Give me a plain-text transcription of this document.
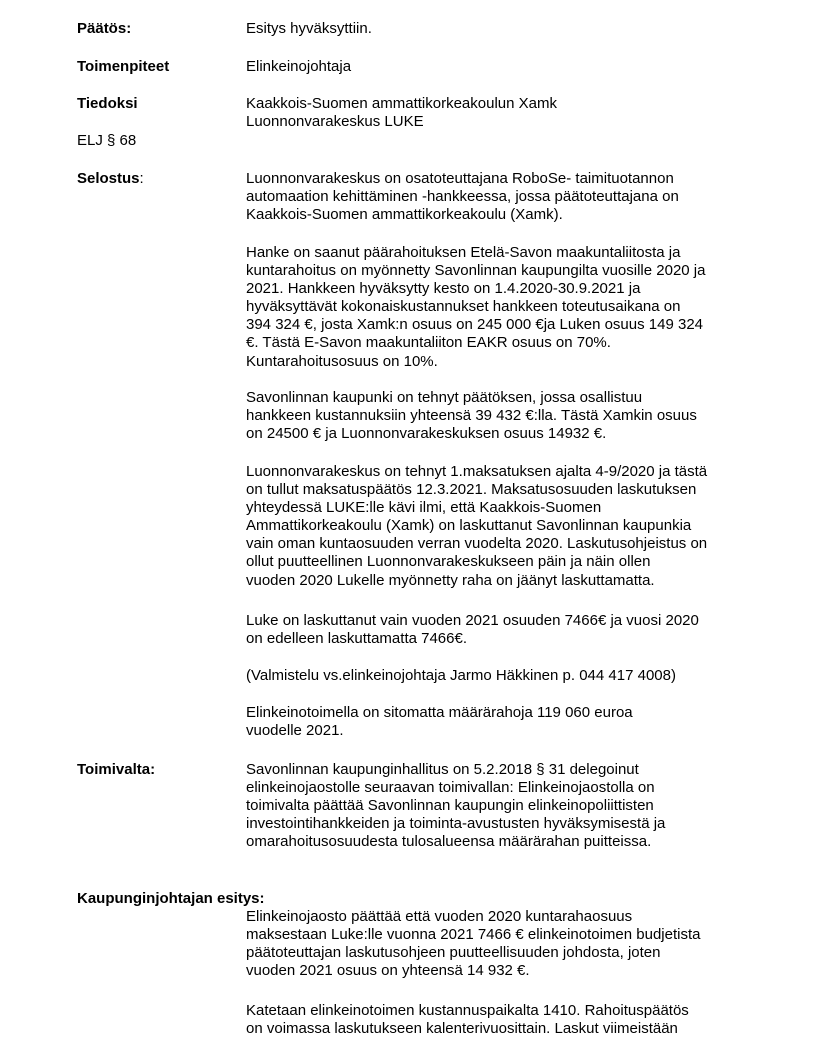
Päätös:	Esitys hyväksyttiin.
Toimenpiteet	Elinkeinojohtaja
Tiedoksi	Kaakkois-Suomen ammattikorkeakoulun Xamk
Luonnonvarakeskus LUKE
ELJ § 68
Selostus:	Luonnonvarakeskus on osatoteuttajana RoboSe- taimituotannon
automaation kehittäminen -hankkeessa, jossa päätoteuttajana on
Kaakkois-Suomen ammattikorkeakoulu (Xamk).
Hanke on saanut päärahoituksen Etelä-Savon maakuntaliitosta ja
kuntarahoitus on myönnetty Savonlinnan kaupungilta vuosille 2020 ja
2021. Hankkeen hyväksytty kesto on 1.4.2020-30.9.2021 ja
hyväksyttävät kokonaiskustannukset hankkeen toteutusaikana on
394 324 €, josta Xamk:n osuus on 245 000 €ja Luken osuus 149 324
€. Tästä E-Savon maakuntaliiton EAKR osuus on 70%.
Kuntarahoitusosuus on 10%.
Savonlinnan kaupunki on tehnyt päätöksen, jossa osallistuu
hankkeen kustannuksiin yhteensä 39 432 €:lla. Tästä Xamkin osuus
on 24500 € ja Luonnonvarakeskuksen osuus 14932 €.
Luonnonvarakeskus on tehnyt 1.maksatuksen ajalta 4-9/2020 ja tästä
on tullut maksatuspäätös 12.3.2021. Maksatusosuuden laskutuksen
yhteydessä LUKE:lle kävi ilmi, että Kaakkois-Suomen
Ammattikorkeakoulu (Xamk) on laskuttanut Savonlinnan kaupunkia
vain oman kuntaosuuden verran vuodelta 2020. Laskutusohjeistus on
ollut puutteellinen Luonnonvarakeskukseen päin ja näin ollen
vuoden 2020 Lukelle myönnetty raha on jäänyt laskuttamatta.
Luke on laskuttanut vain vuoden 2021 osuuden 7466€ ja vuosi 2020
on edelleen laskuttamatta 7466€.
(Valmistelu vs.elinkeinojohtaja Jarmo Häkkinen p. 044 417 4008)
Elinkeinotoimella on sitomatta määrärahoja 119 060 euroa
vuodelle 2021.
Toimivalta:	Savonlinnan kaupunginhallitus on 5.2.2018 § 31 delegoinut
elinkeinojaostolle seuraavan toimivallan: Elinkeinojaostolla on
toimivalta päättää Savonlinnan kaupungin elinkeinopoliittisten
investointihankkeiden ja toiminta-avustusten hyväksymisestä ja
omarahoitusosuudesta tulosalueensa määrärahan puitteissa.
Kaupunginjohtajan esitys:
Elinkeinojaosto päättää että vuoden 2020 kuntarahaosuus
maksestaan Luke:lle vuonna 2021 7466 € elinkeinotoimen budjetista
päätoteuttajan laskutusohjeen puutteellisuuden johdosta, joten
vuoden 2021 osuus on yhteensä 14 932 €.
Katetaan elinkeinotoimen kustannuspaikalta 1410. Rahoituspäätös
on voimassa laskutukseen kalenterivuosittain. Laskut viimeistään
